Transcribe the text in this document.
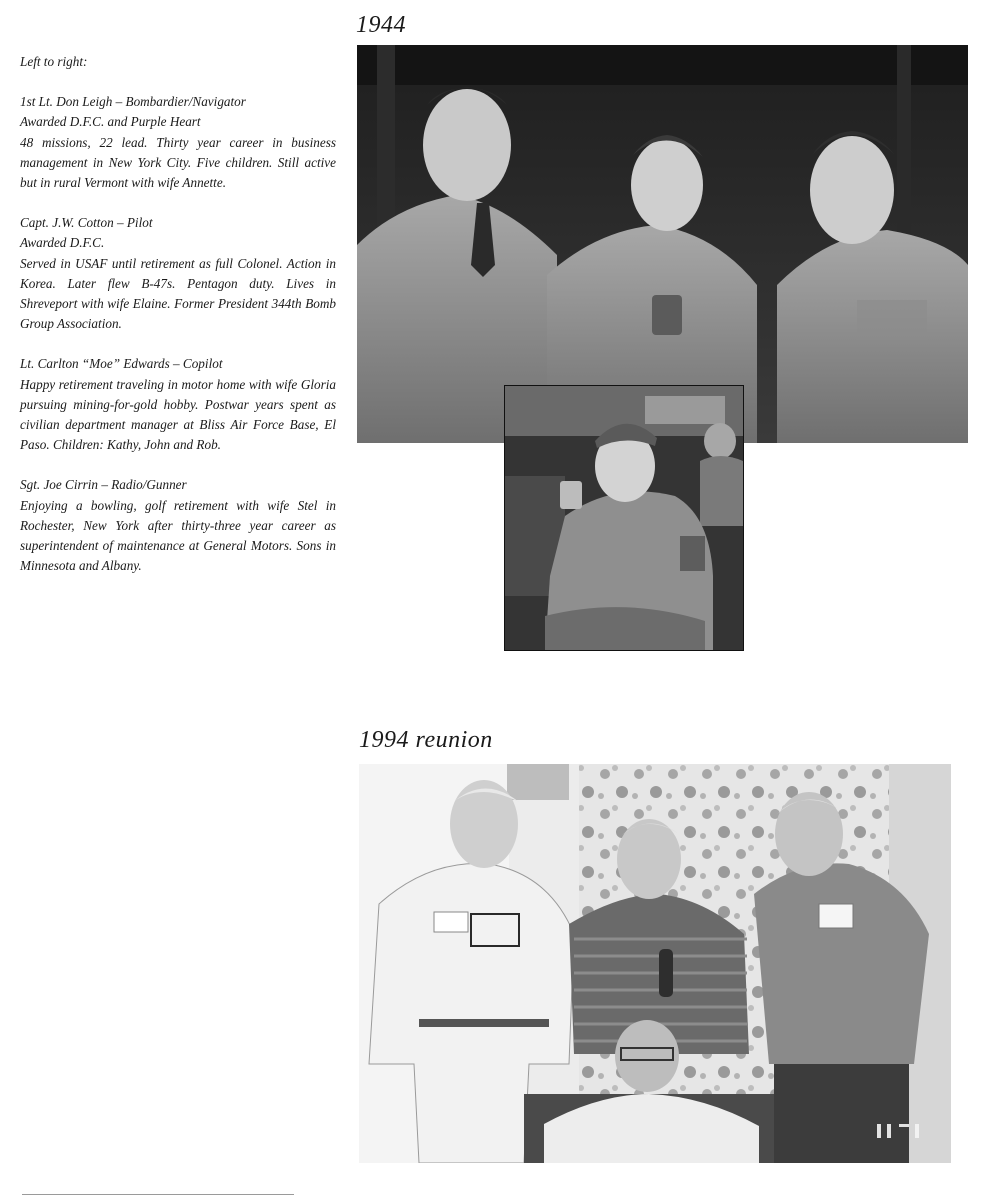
Left to right:

1st Lt. Don Leigh – Bombardier/Navigator
Awarded D.F.C. and Purple Heart
48 missions, 22 lead. Thirty year career in business management in New York City. Five children. Still active but in rural Vermont with wife Annette.
Capt. J.W. Cotton – Pilot
Awarded D.F.C.
Served in USAF until retirement as full Colonel. Action in Korea. Later flew B-47s. Pentagon duty. Lives in Shreveport with wife Elaine. Former President 344th Bomb Group Association.
Lt. Carlton “Moe” Edwards – Copilot
Happy retirement traveling in motor home with wife Gloria pursuing mining-for-gold hobby. Postwar years spent as civilian department manager at Bliss Air Force Base, El Paso. Children: Kathy, John and Rob.
Sgt. Joe Cirrin – Radio/Gunner
Enjoying a bowling, golf retirement with wife Stel in Rochester, New York after thirty-three year career as superintendent of maintenance at General Motors. Sons in Minnesota and Albany.
1944
1994 reunion
